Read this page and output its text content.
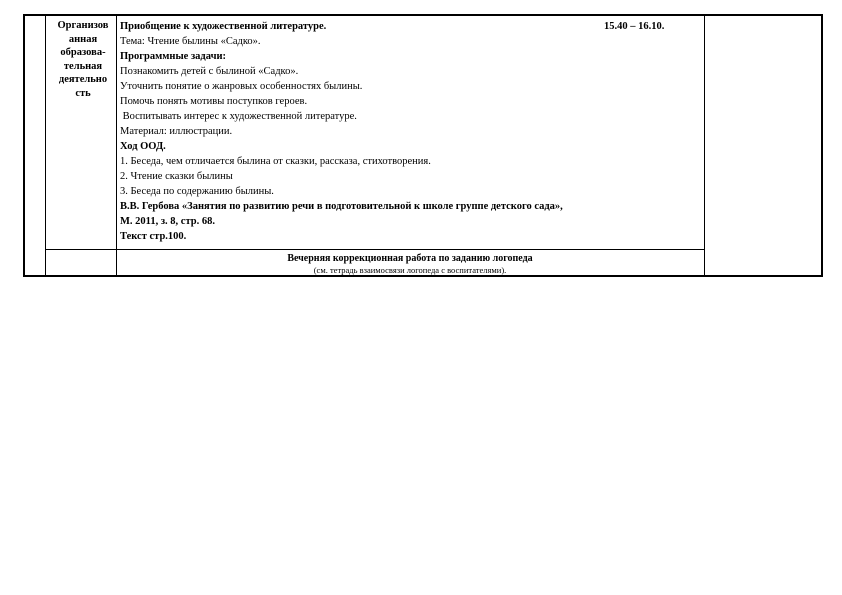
Организов
анная
образова-
тельная
деятельно
сть
Приобщение к художественной литературе.
Тема: Чтение былины «Садко».
Программные задачи:
Познакомить детей с былиной «Садко».
Уточнить понятие о жанровых особенностях былины.
Помочь понять мотивы поступков героев.
Воспитывать интерес к художественной литературе.
Материал: иллюстрации.
Ход ООД.
1. Беседа, чем отличается былина от сказки, рассказа, стихотворения.
2. Чтение сказки былины
3. Беседа по содержанию былины.
В.В. Гербова «Занятия по развитию речи в подготовительной к школе группе детского сада»,
М. 2011, з. 8, стр. 68.
Текст стр.100.
15.40 – 16.10.
Вечерняя коррекционная работа по заданию логопеда
(см. тетрадь взаимосвязи логопеда с воспитателями).
